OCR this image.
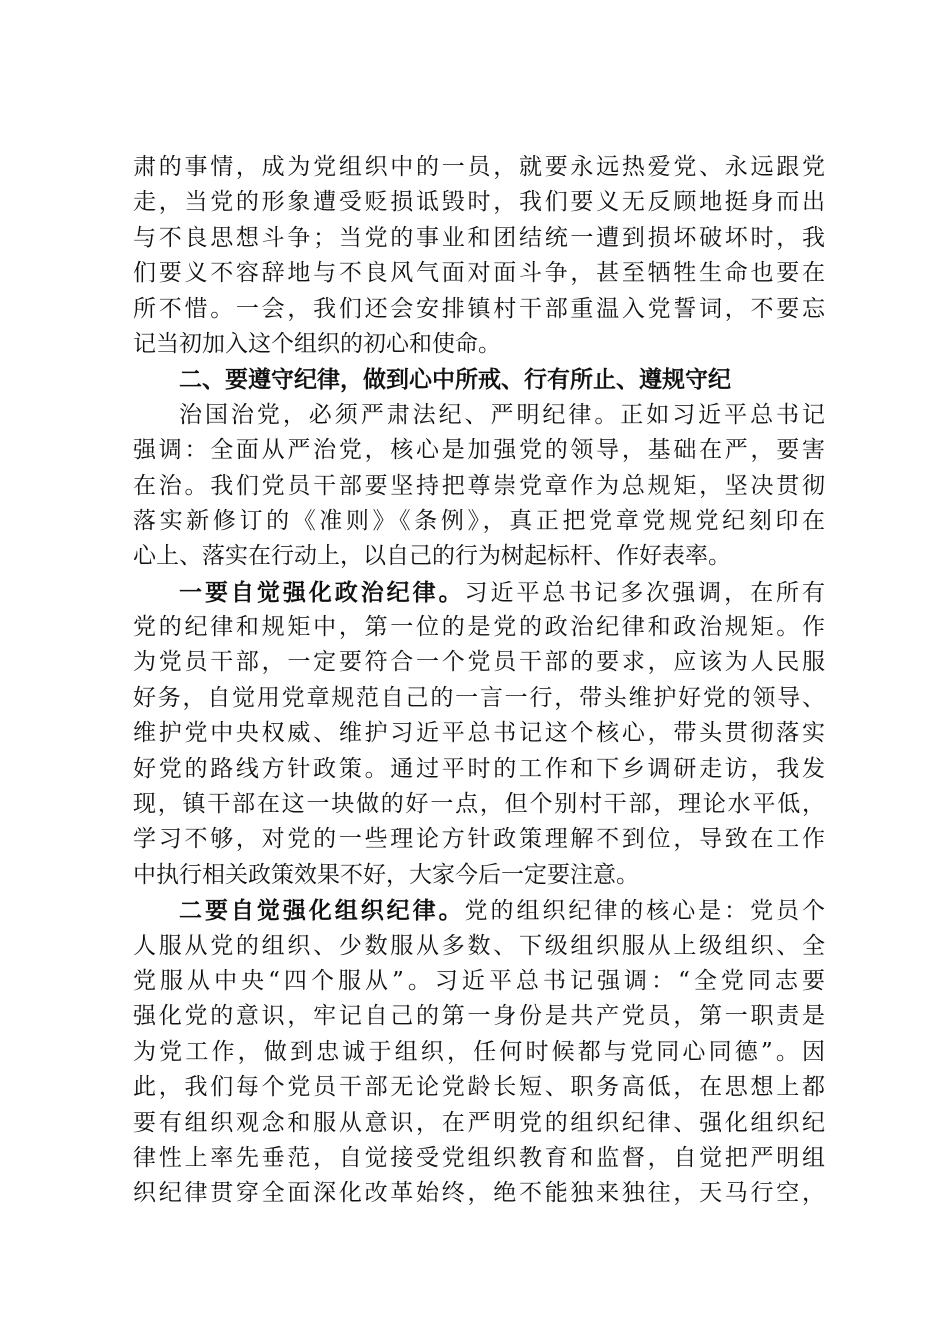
肃的事情，成为党组织中的一员，就要永远热爱党、永远跟党
走，当党的形象遭受贬损诋毁时，我们要义无反顾地挺身而出
与不良思想斗争；当党的事业和团结统一遭到损坏破坏时，我
们要义不容辞地与不良风气面对面斗争，甚至牺牲生命也要在
所不惜。一会，我们还会安排镇村干部重温入党誓词，不要忘
记当初加入这个组织的初心和使命。
二、要遵守纪律，做到心中所戒、行有所止、遵规守纪
治国治党，必须严肃法纪、严明纪律。正如习近平总书记
强调：全面从严治党，核心是加强党的领导，基础在严，要害
在治。我们党员干部要坚持把尊崇党章作为总规矩，坚决贯彻
落实新修订的《准则》《条例》，真正把党章党规党纪刻印在
心上、落实在行动上，以自己的行为树起标杆、作好表率。
一要自觉强化政治纪律。习近平总书记多次强调，在所有
党的纪律和规矩中，第一位的是党的政治纪律和政治规矩。作
为党员干部，一定要符合一个党员干部的要求，应该为人民服
好务，自觉用党章规范自己的一言一行，带头维护好党的领导、
维护党中央权威、维护习近平总书记这个核心，带头贯彻落实
好党的路线方针政策。通过平时的工作和下乡调研走访，我发
现，镇干部在这一块做的好一点，但个别村干部，理论水平低，
学习不够，对党的一些理论方针政策理解不到位，导致在工作
中执行相关政策效果不好，大家今后一定要注意。
二要自觉强化组织纪律。党的组织纪律的核心是：党员个
人服从党的组织、少数服从多数、下级组织服从上级组织、全
党服从中央“四个服从”。习近平总书记强调：“全党同志要
强化党的意识，牢记自己的第一身份是共产党员，第一职责是
为党工作，做到忠诚于组织，任何时候都与党同心同德”。因
此，我们每个党员干部无论党龄长短、职务高低，在思想上都
要有组织观念和服从意识，在严明党的组织纪律、强化组织纪
律性上率先垂范，自觉接受党组织教育和监督，自觉把严明组
织纪律贯穿全面深化改革始终，绝不能独来独往，天马行空，
